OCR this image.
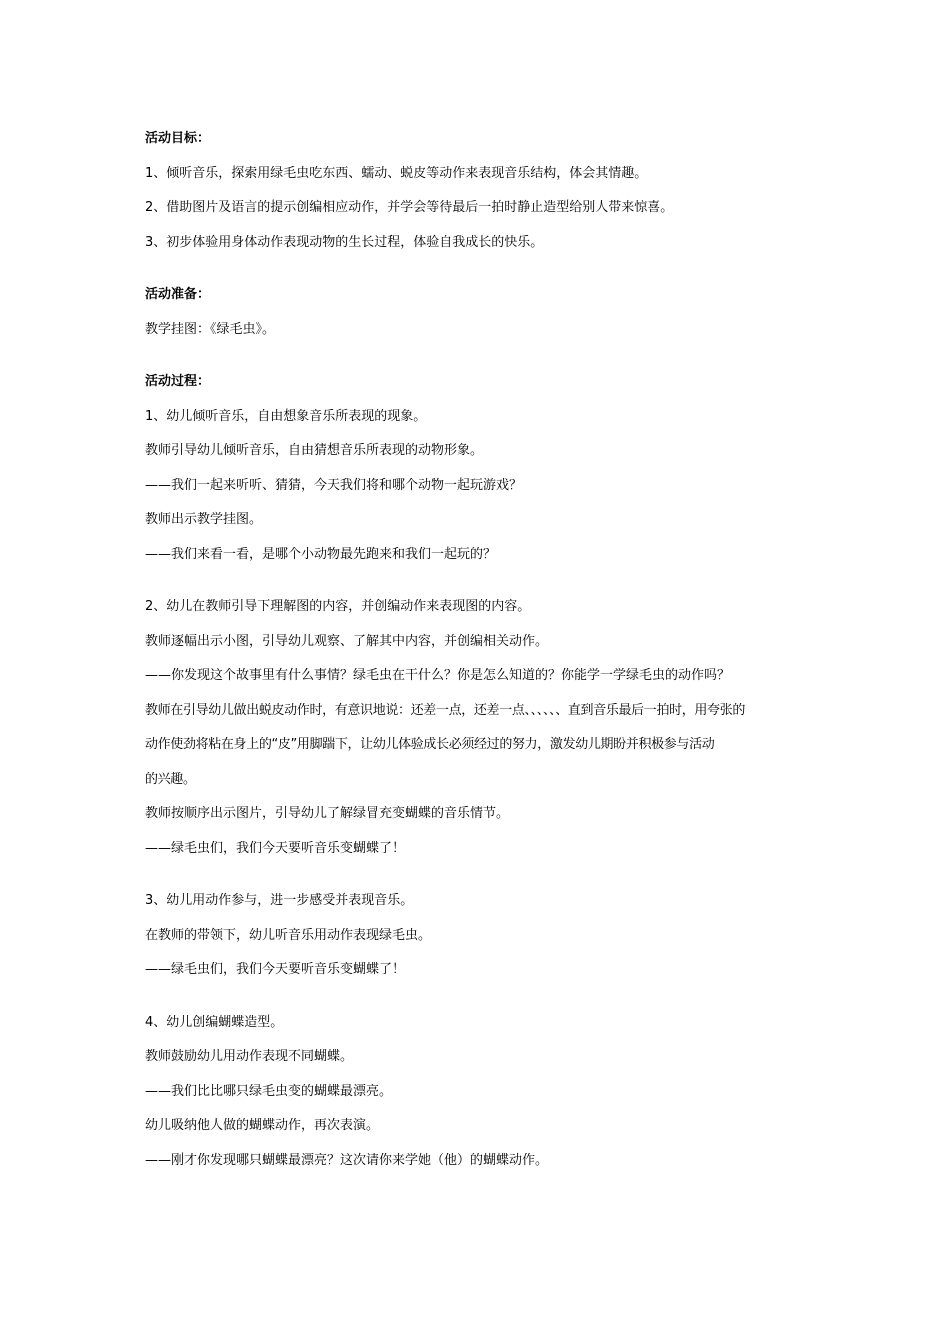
活动目标：
1、倾听音乐，探索用绿毛虫吃东西、蠕动、蜕皮等动作来表现音乐结构，体会其情趣。
2、借助图片及语言的提示创编相应动作，并学会等待最后一拍时静止造型给别人带来惊喜。
3、初步体验用身体动作表现动物的生长过程，体验自我成长的快乐。
活动准备：
教学挂图：《绿毛虫》。
活动过程：
1、幼儿倾听音乐，自由想象音乐所表现的现象。
教师引导幼儿倾听音乐，自由猜想音乐所表现的动物形象。
——我们一起来听听、猜猜，今天我们将和哪个动物一起玩游戏？
教师出示教学挂图。
——我们来看一看，是哪个小动物最先跑来和我们一起玩的？
2、幼儿在教师引导下理解图的内容，并创编动作来表现图的内容。
教师逐幅出示小图，引导幼儿观察、了解其中内容，并创编相关动作。
——你发现这个故事里有什么事情？绿毛虫在干什么？你是怎么知道的？你能学一学绿毛虫的动作吗？
教师在引导幼儿做出蜕皮动作时，有意识地说：还差一点，还差一点、、、、、、直到音乐最后一拍时，用夸张的
动作使劲将粘在身上的“皮”用脚踹下，让幼儿体验成长必须经过的努力，激发幼儿期盼并积极参与活动
的兴趣。
教师按顺序出示图片，引导幼儿了解绿冒充变蝴蝶的音乐情节。
——绿毛虫们，我们今天要听音乐变蝴蝶了！
3、幼儿用动作参与，进一步感受并表现音乐。
在教师的带领下，幼儿听音乐用动作表现绿毛虫。
——绿毛虫们，我们今天要听音乐变蝴蝶了！
4、幼儿创编蝴蝶造型。
教师鼓励幼儿用动作表现不同蝴蝶。
——我们比比哪只绿毛虫变的蝴蝶最漂亮。
幼儿吸纳他人做的蝴蝶动作，再次表演。
——刚才你发现哪只蝴蝶最漂亮？这次请你来学她（他）的蝴蝶动作。
